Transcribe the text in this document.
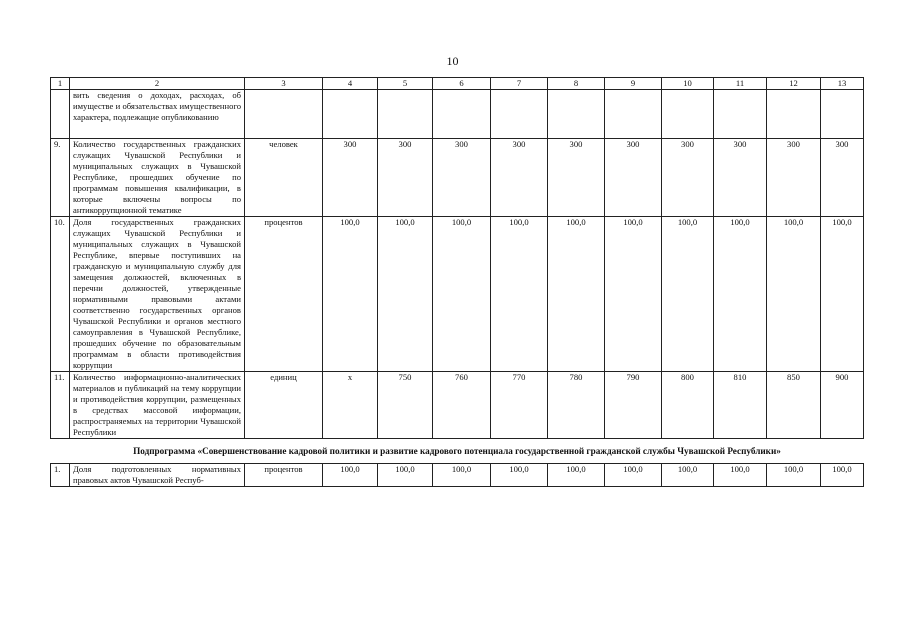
10
1	2	3	4	5	6	7	8	9	10	11	12	13
	вить сведения о доходах, расходах, об имуществе и обязательствах имущественного характера, подлежащие опубликованию											
9.	Количество государственных гражданских служащих Чувашской Республики и муниципальных служащих в Чувашской Республике, прошедших обучение по программам повышения квалификации, в которые включены вопросы по антикоррупционной тематике	человек	300	300	300	300	300	300	300	300	300	300
10.	Доля государственных гражданских служащих Чувашской Республики и муниципальных служащих в Чувашской Республике, впервые поступивших на гражданскую и муниципальную службу для замещения должностей, включенных в перечни должностей, утвержденные нормативными правовыми актами соответственно государственных органов Чувашской Республики и органов местного самоуправления в Чувашской Республике, прошедших обучение по образовательным программам в области противодействия коррупции	процентов	100,0	100,0	100,0	100,0	100,0	100,0	100,0	100,0	100,0	100,0
11.	Количество информационно-аналитических материалов и публикаций на тему коррупции и противодействия коррупции, размещенных в средствах массовой информации, распространяемых на территории Чувашской Республики	единиц	х	750	760	770	780	790	800	810	850	900
Подпрограмма «Совершенствование кадровой политики и развитие кадрового потенциала государственной гражданской службы Чувашской Республики»												
1.	Доля подготовленных нормативных правовых актов Чувашской Респуб-	процентов	100,0	100,0	100,0	100,0	100,0	100,0	100,0	100,0	100,0	100,0
